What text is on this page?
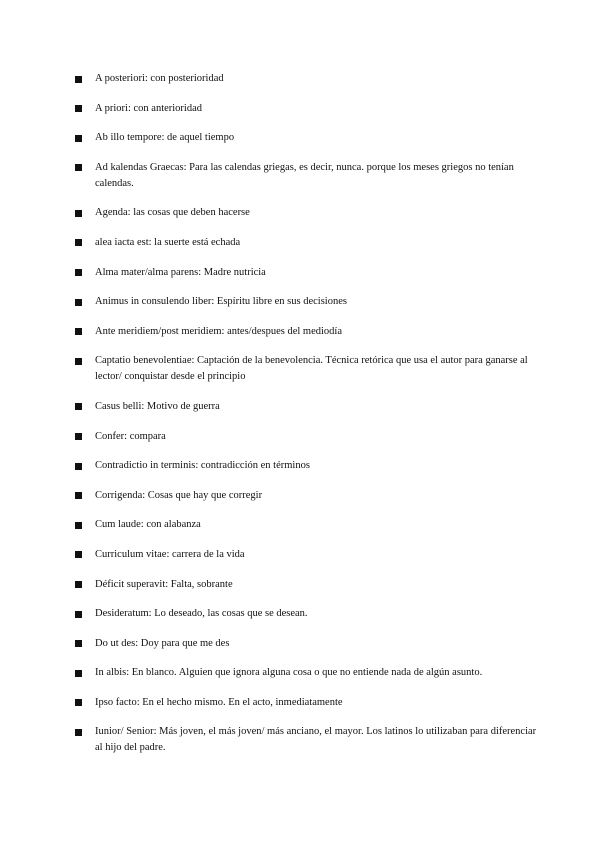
A posteriori: con posterioridad
A priori: con anterioridad
Ab illo tempore: de aquel tiempo
Ad kalendas Graecas: Para las calendas griegas, es decir, nunca. porque los meses griegos no tenían calendas.
Agenda: las cosas que deben hacerse
alea iacta est: la suerte está echada
Alma mater/alma parens: Madre nutricia
Animus in consulendo liber: Espíritu libre en sus decisiones
Ante meridiem/post meridiem: antes/despues del mediodía
Captatio benevolentiae: Captación de la benevolencia. Técnica retórica que usa el autor para ganarse al lector/ conquistar desde el principio
Casus belli: Motivo de guerra
Confer: compara
Contradictio in terminis: contradicción en términos
Corrigenda: Cosas que hay que corregir
Cum laude: con alabanza
Curriculum vitae: carrera de la vida
Déficit superavit: Falta, sobrante
Desideratum: Lo deseado, las cosas que se desean.
Do ut des: Doy para que me des
In albis: En blanco. Alguien que ignora alguna cosa o que no entiende nada de algún asunto.
Ipso facto: En el hecho mismo. En el acto, inmediatamente
Iunior/ Senior: Más joven, el más joven/ más anciano, el mayor. Los latinos lo utilizaban para diferenciar al hijo del padre.
